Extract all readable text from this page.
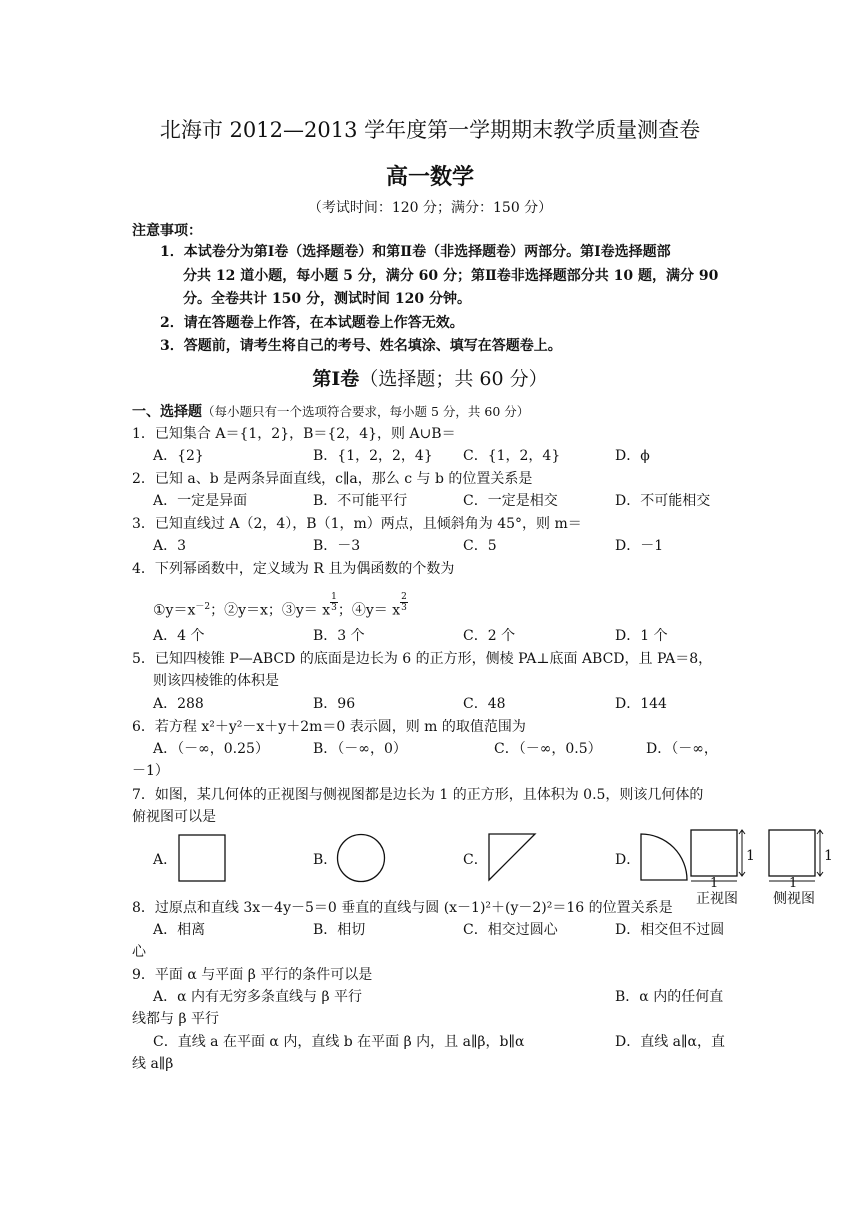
北海市 2012—2013 学年度第一学期期末教学质量测查卷
高一数学
（考试时间：120 分；满分：150 分）
注意事项：
1．本试卷分为第Ⅰ卷（选择题卷）和第Ⅱ卷（非选择题卷）两部分。第Ⅰ卷选择题部
分共 12 道小题，每小题 5 分，满分 60 分；第Ⅱ卷非选择题部分共 10 题，满分 90
分。全卷共计 150 分，测试时间 120 分钟。
2．请在答题卷上作答，在本试题卷上作答无效。
3．答题前，请考生将自己的考号、姓名填涂、填写在答题卷上。
第Ⅰ卷（选择题；共 60 分）
一、选择题（每小题只有一个选项符合要求，每小题 5 分，共 60 分）
1．已知集合 A＝{1，2}，B＝{2，4}，则 A∪B＝
A．{2}	B．{1，2，2，4} C．{1，2，4}	D．ϕ
2．已知 a、b 是两条异面直线，c∥a，那么 c 与 b 的位置关系是
A．一定是异面	B．不可能平行	C．一定是相交	D．不可能相交
3．已知直线过 A（2，4），B（1，m）两点，且倾斜角为 45°，则 m＝
A．3	B．－3	C．5	D．－1
4．下列幂函数中，定义域为 R 且为偶函数的个数为
$①y=x^{-2}$；②y＝x；③y＝ x $\frac{1}{3}$ ；④y＝ x $\frac{2}{3}$
A．4 个	B．3 个	C．2 个	D．1 个
5．已知四棱锥 P—ABCD 的底面是边长为 6 的正方形，侧棱 PA⊥底面 ABCD，且 PA＝8，
则该四棱锥的体积是
A．288	B．96	C．48	D．144
6．若方程 x²＋y²－x＋y＋2m＝0 表示圆，则 m 的取值范围为
A．（－∞，0.25）	B．（－∞，0）	C．（－∞，0.5）	D．（－∞，
－1）
7．如图，某几何体的正视图与侧视图都是边长为 1 的正方形，且体积为 0.5，则该几何体的
俯视图可以是
A．	B．	C．	D．	1
1
正视图
1
1
侧视图
8．过原点和直线 3x－4y－5＝0 垂直的直线与圆 (x－1)²＋(y－2)²＝16 的位置关系是
A．相离	B．相切	C．相交过圆心	D．相交但不过圆
心
9．平面 α 与平面 β 平行的条件可以是
A．α 内有无穷多条直线与 β 平行	B．α 内的任何直
线都与 β 平行
C．直线 a 在平面 α 内，直线 b 在平面 β 内，且 a∥β，b∥α	D．直线 a∥α，直
线 a∥β
